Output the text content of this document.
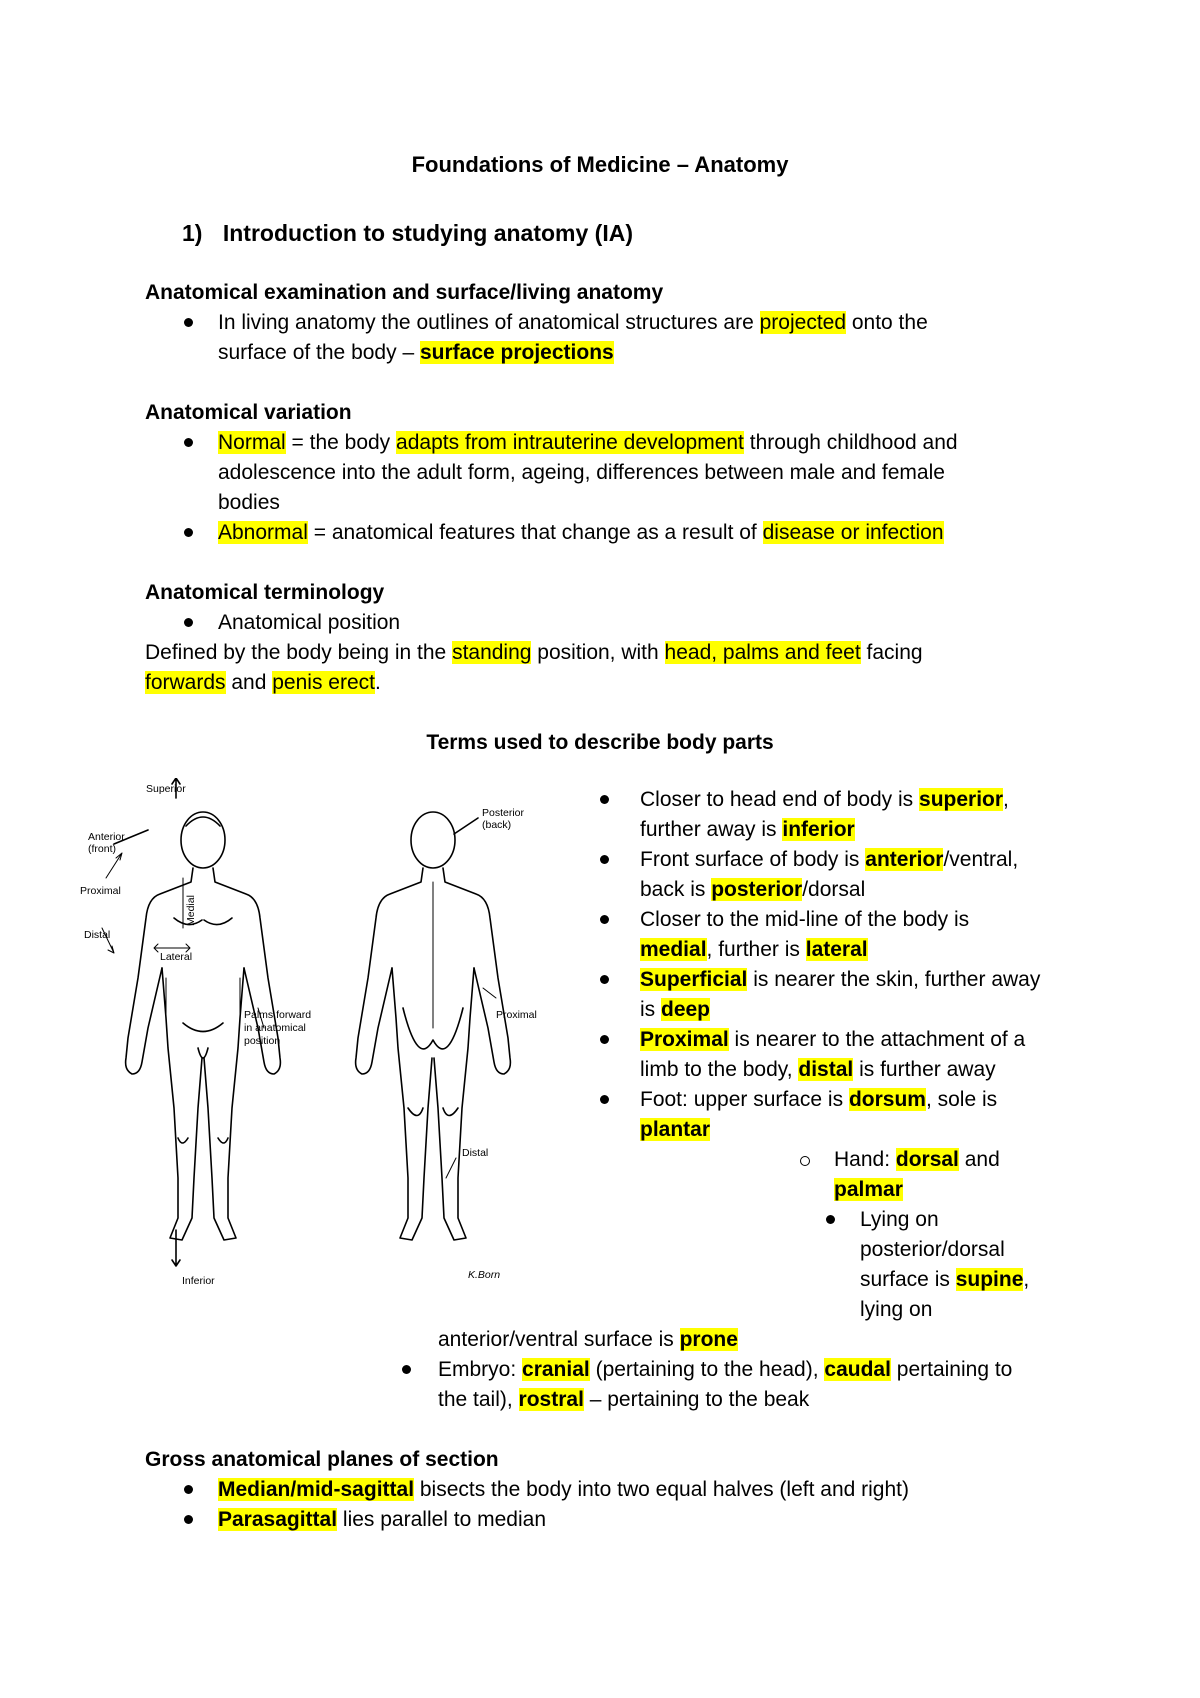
Foundations of Medicine – Anatomy
1) Introduction to studying anatomy (IA)
Anatomical examination and surface/living anatomy
In living anatomy the outlines of anatomical structures are projected onto the
surface of the body – surface projections
Anatomical variation
Normal = the body adapts from intrauterine development through childhood and
adolescence into the adult form, ageing, differences between male and female
bodies
Abnormal = anatomical features that change as a result of disease or infection
Anatomical terminology
Anatomical position
Defined by the body being in the standing position, with head, palms and feet facing
forwards and penis erect.
Terms used to describe body parts
Superior
Anterior
(front)
Proximal
Distal
Medial
Lateral
Palms forward
in anatomical
position
Inferior
Posterior
(back)
Proximal
Distal
K.Born
Closer to head end of body is superior,
further away is inferior
Front surface of body is anterior/ventral,
back is posterior/dorsal
Closer to the mid-line of the body is
medial, further is lateral
Superficial is nearer the skin, further away
is deep
Proximal is nearer to the attachment of a
limb to the body, distal is further away
Foot: upper surface is dorsum, sole is
plantar
Hand: dorsal and
palmar
Lying on
posterior/dorsal
surface is supine,
lying on
anterior/ventral surface is prone
Embryo: cranial (pertaining to the head), caudal pertaining to
the tail), rostral – pertaining to the beak
Gross anatomical planes of section
Median/mid-sagittal bisects the body into two equal halves (left and right)
Parasagittal lies parallel to median
